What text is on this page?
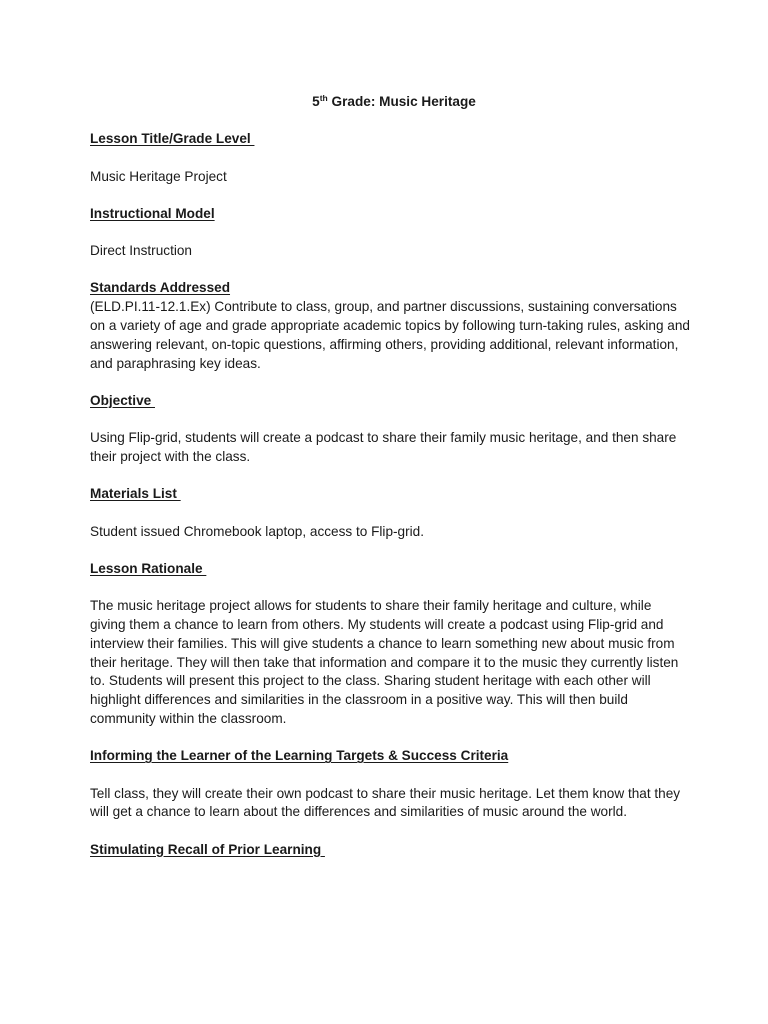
5th Grade: Music Heritage

Lesson Title/Grade Level

Music Heritage Project

Instructional Model

Direct Instruction

Standards Addressed

(ELD.PI.11-12.1.Ex) Contribute to class, group, and partner discussions, sustaining conversations on a variety of age and grade appropriate academic topics by following turn-taking rules, asking and answering relevant, on-topic questions, affirming others, providing additional, relevant information, and paraphrasing key ideas.

Objective

Using Flip-grid, students will create a podcast to share their family music heritage, and then share their project with the class.

Materials List

Student issued Chromebook laptop, access to Flip-grid.

Lesson Rationale

The music heritage project allows for students to share their family heritage and culture, while giving them a chance to learn from others. My students will create a podcast using Flip-grid and interview their families. This will give students a chance to learn something new about music from their heritage. They will then take that information and compare it to the music they currently listen to. Students will present this project to the class. Sharing student heritage with each other will highlight differences and similarities in the classroom in a positive way. This will then build community within the classroom.

Informing the Learner of the Learning Targets & Success Criteria

Tell class, they will create their own podcast to share their music heritage. Let them know that they will get a chance to learn about the differences and similarities of music around the world.

Stimulating Recall of Prior Learning
